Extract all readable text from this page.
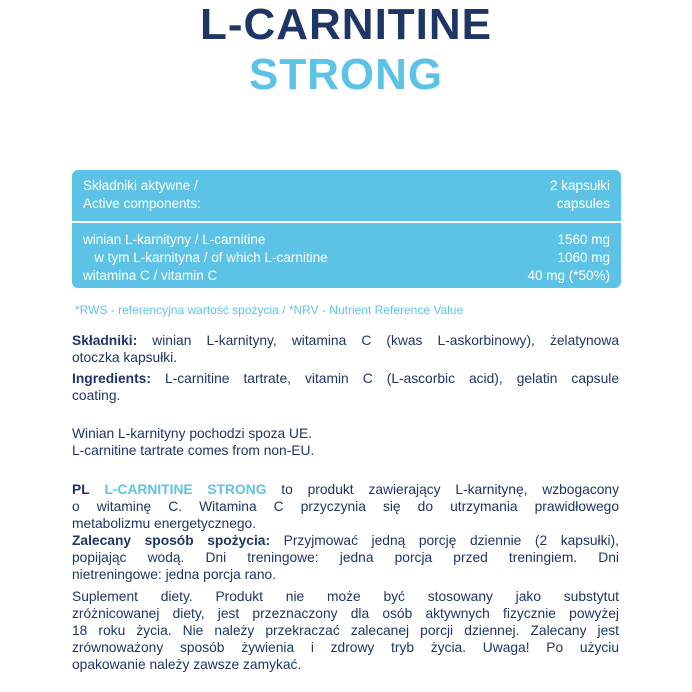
L-CARNITINE
STRONG
Składniki aktywne /	2 kapsułki
Active components:	capsules
winian L-karnityny / L-carnitine	1560 mg
w tym L-karnityna / of which L-carnitine	1060 mg
witamina C / vitamin C	40 mg (*50%)
*RWS - referencyjna wartość spożycia / *NRV - Nutrient Reference Value
Składniki: winian L-karnityny, witamina C (kwas L-askorbinowy), żelatynowa
otoczka kapsułki.
Ingredients: L-carnitine tartrate, vitamin C (L-ascorbic acid), gelatin capsule
coating.
Winian L-karnityny pochodzi spoza UE.
L-carnitine tartrate comes from non-EU.
PL L-CARNITINE STRONG to produkt zawierający L-karnitynę, wzbogacony
o witaminę C. Witamina C przyczynia się do utrzymania prawidłowego
metabolizmu energetycznego.
Zalecany sposób spożycia: Przyjmować jedną porcję dziennie (2 kapsułki),
popijając wodą. Dni treningowe: jedna porcja przed treningiem. Dni
nietreningowe: jedna porcja rano.
Suplement diety. Produkt nie może być stosowany jako substytut
zróżnicowanej diety, jest przeznaczony dla osób aktywnych fizycznie powyżej
18 roku życia. Nie należy przekraczać zalecanej porcji dziennej. Zalecany jest
zrównoważony sposób żywienia i zdrowy tryb życia. Uwaga! Po użyciu
opakowanie należy zawsze zamykać.
